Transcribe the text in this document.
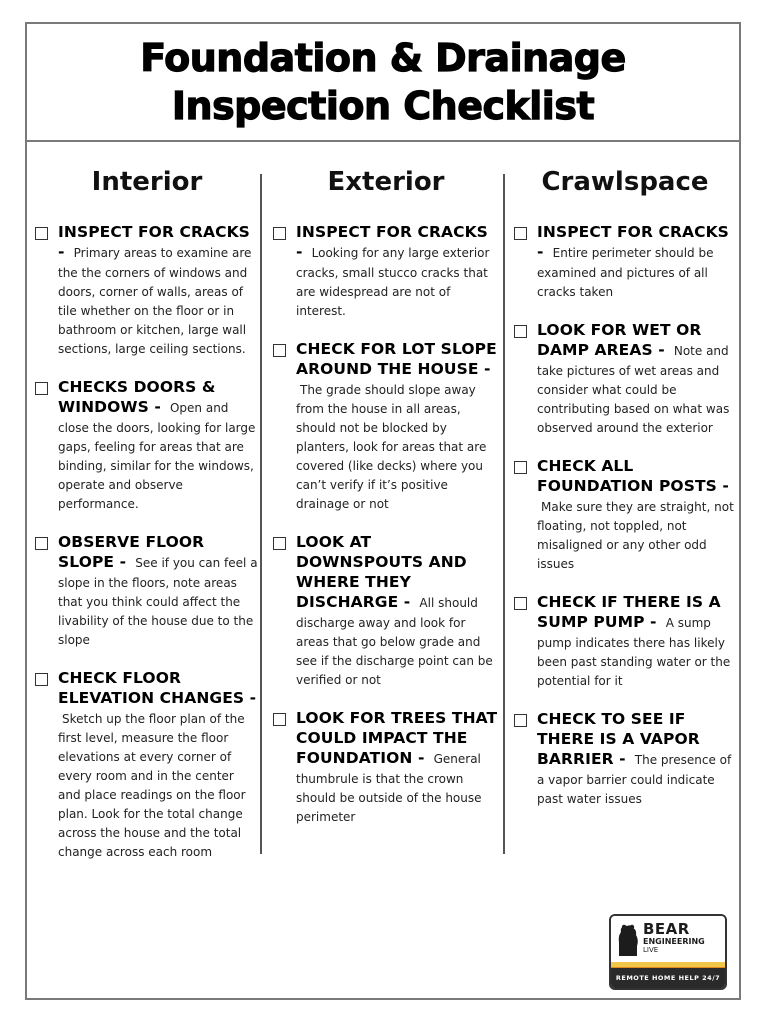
Foundation & Drainage
Inspection Checklist
Interior
INSPECT FOR CRACKS - Primary areas to examine are the the corners of windows and doors, corner of walls, areas of tile whether on the floor or in bathroom or kitchen, large wall sections, large ceiling sections.
CHECKS DOORS & WINDOWS - Open and close the doors, looking for large gaps, feeling for areas that are binding, similar for the windows, operate and observe performance.
OBSERVE FLOOR SLOPE - See if you can feel a slope in the floors, note areas that you think could affect the livability of the house due to the slope
CHECK FLOOR ELEVATION CHANGES - Sketch up the floor plan of the first level, measure the floor elevations at every corner of every room and in the center and place readings on the floor plan. Look for the total change across the house and the total change across each room
Exterior
INSPECT FOR CRACKS - Looking for any large exterior cracks, small stucco cracks that are widespread are not of interest.
CHECK FOR LOT SLOPE AROUND THE HOUSE - The grade should slope away from the house in all areas, should not be blocked by planters, look for areas that are covered (like decks) where you can’t verify if it’s positive drainage or not
LOOK AT DOWNSPOUTS AND WHERE THEY DISCHARGE - All should discharge away and look for areas that go below grade and see if the discharge point can be verified or not
LOOK FOR TREES THAT COULD IMPACT THE FOUNDATION - General thumbrule is that the crown should be outside of the house perimeter
Crawlspace
INSPECT FOR CRACKS - Entire perimeter should be examined and pictures of all cracks taken
LOOK FOR WET OR DAMP AREAS - Note and take pictures of wet areas and consider what could be contributing based on what was observed around the exterior
CHECK ALL FOUNDATION POSTS - Make sure they are straight, not floating, not toppled, not misaligned or any other odd issues
CHECK IF THERE IS A SUMP PUMP - A sump pump indicates there has likely been past standing water or the potential for it
CHECK TO SEE IF THERE IS A VAPOR BARRIER - The presence of a vapor barrier could indicate past water issues
BEAR
ENGINEERING
LIVE
REMOTE HOME HELP 24/7
